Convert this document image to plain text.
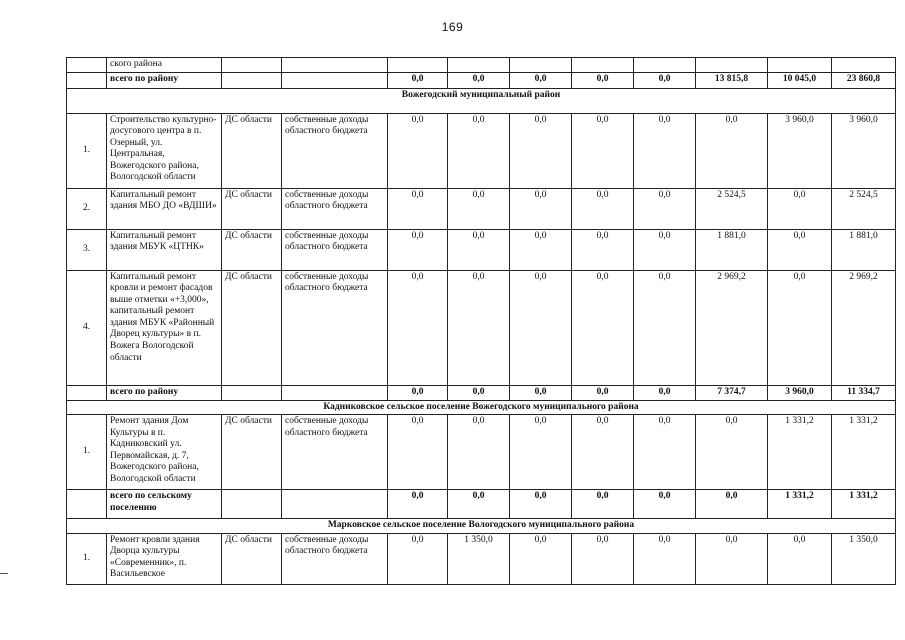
169
	ского района										
	всего по району			0,0	0,0	0,0	0,0	0,0	13 815,8	10 045,0	23 860,8
Вожегодский муниципальный район											
1.	Строительство культурно-досугового центра в п. Озерный, ул. Центральная, Вожегодского района, Вологодской области	ДС области	собственные доходы областного бюджета	0,0	0,0	0,0	0,0	0,0	0,0	3 960,0	3 960,0
2.	Капитальный ремонт здания МБО ДО «ВДШИ»	ДС области	собственные доходы областного бюджета	0,0	0,0	0,0	0,0	0,0	2 524,5	0,0	2 524,5
3.	Капитальный ремонт здания МБУК «ЦТНК»	ДС области	собственные доходы областного бюджета	0,0	0,0	0,0	0,0	0,0	1 881,0	0,0	1 881,0
4.	Капитальный ремонт кровли и ремонт фасадов выше отметки «+3,000», капитальный ремонт здания МБУК «Районный Дворец культуры» в п. Вожега Вологодской области	ДС области	собственные доходы областного бюджета	0,0	0,0	0,0	0,0	0,0	2 969,2	0,0	2 969,2
	всего по району			0,0	0,0	0,0	0,0	0,0	7 374,7	3 960,0	11 334,7
Кадниковское сельское поселение Вожегодского муниципального района											
1.	Ремонт здания Дом Культуры в п. Кадниковский ул. Первомайская, д. 7, Вожегодского района, Вологодской области	ДС области	собственные доходы областного бюджета	0,0	0,0	0,0	0,0	0,0	0,0	1 331,2	1 331,2
	всего по сельскому поселению			0,0	0,0	0,0	0,0	0,0	0,0	1 331,2	1 331,2
Марковское сельское поселение Вологодского муниципального района											
1.	Ремонт кровли здания Дворца культуры «Современник», п. Васильевское	ДС области	собственные доходы областного бюджета	0,0	1 350,0	0,0	0,0	0,0	0,0	0,0	1 350,0
